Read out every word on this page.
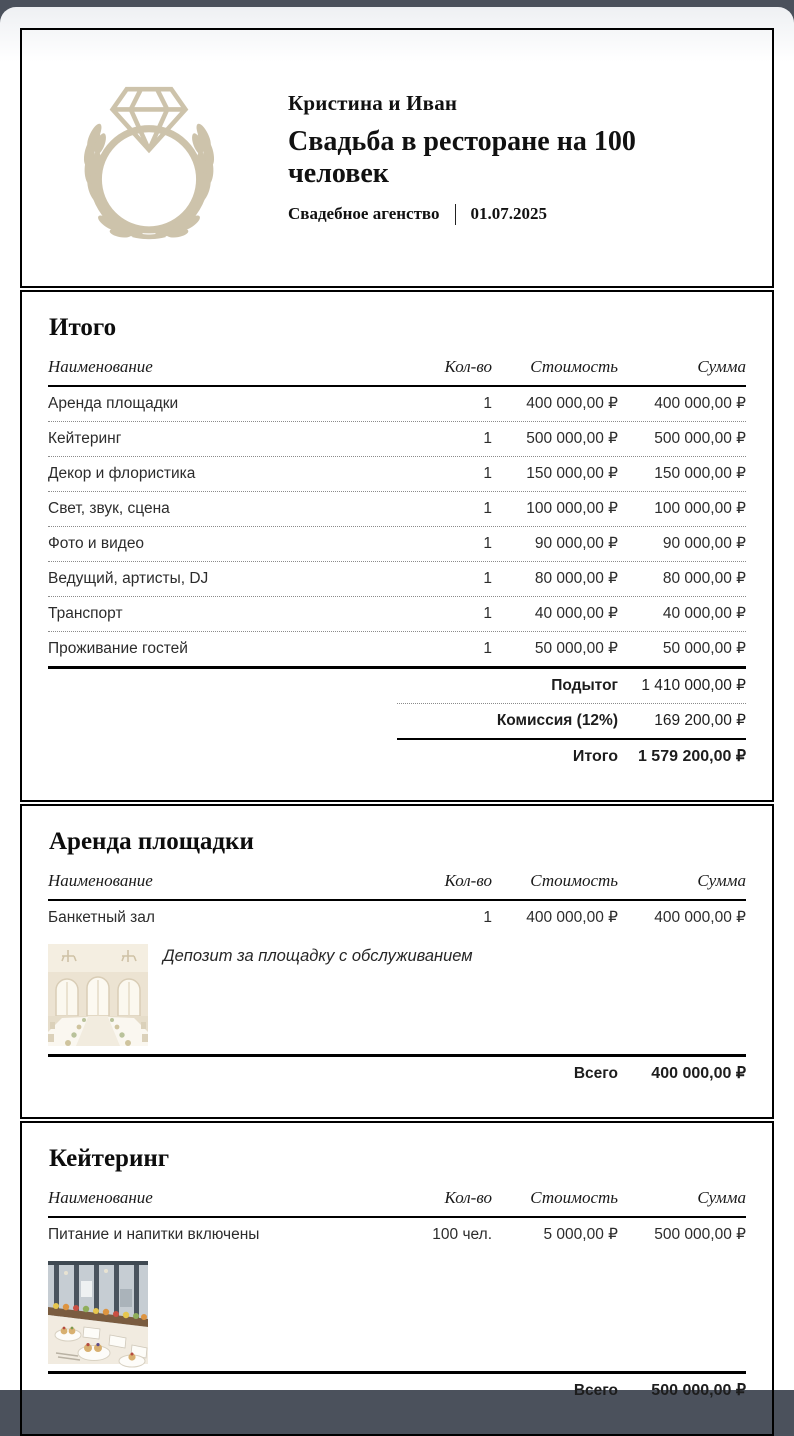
Кристина и Иван
Свадьба в ресторане на 100 человек
Свадебное агенство 01.07.2025
Итого
Наименование	Кол-во	Стоимость	Сумма
Аренда площадки	1	400 000,00 ₽	400 000,00 ₽
Кейтеринг	1	500 000,00 ₽	500 000,00 ₽
Декор и флористика	1	150 000,00 ₽	150 000,00 ₽
Свет, звук, сцена	1	100 000,00 ₽	100 000,00 ₽
Фото и видео	1	90 000,00 ₽	90 000,00 ₽
Ведущий, артисты, DJ	1	80 000,00 ₽	80 000,00 ₽
Транспорт	1	40 000,00 ₽	40 000,00 ₽
Проживание гостей	1	50 000,00 ₽	50 000,00 ₽
Подытог	1 410 000,00 ₽
Комиссия (12%)	169 200,00 ₽
Итого	1 579 200,00 ₽
Аренда площадки
Наименование	Кол-во	Стоимость	Сумма
Банкетный зал	1	400 000,00 ₽	400 000,00 ₽
Депозит за площадку с обслуживанием
Всего	400 000,00 ₽
Кейтеринг
Наименование	Кол-во	Стоимость	Сумма
Питание и напитки включены	100 чел.	5 000,00 ₽	500 000,00 ₽
Всего	500 000,00 ₽
